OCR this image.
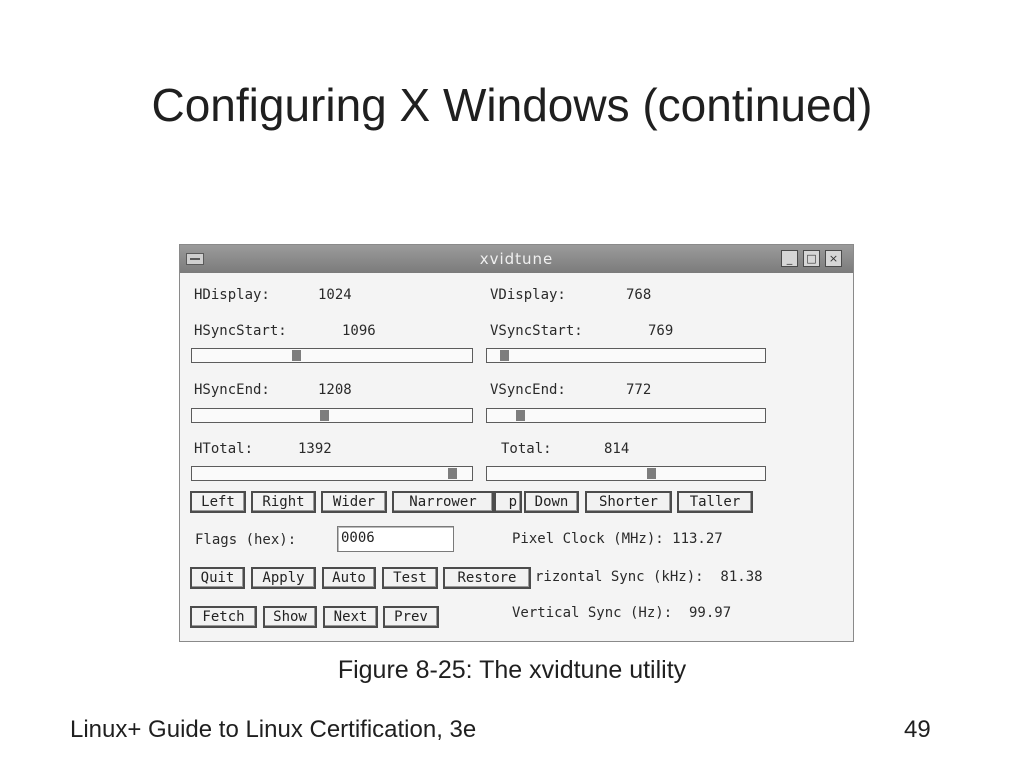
Configuring X Windows (continued)
xvidtune	_	□	×
HDisplay:	1024	VDisplay:	768
HSyncStart:	1096	VSyncStart:	769
HSyncEnd:	1208	VSyncEnd:	772
HTotal:	1392	Total:	814
Left	Right	Wider	Narrower	p	Down	Shorter	Taller
Flags (hex):	0006	Pixel Clock (MHz): 113.27
Quit	Apply	Auto	Test	Restore	rizontal Sync (kHz):  81.38
Fetch	Show	Next	Prev	Vertical Sync (Hz):  99.97
Figure 8-25: The xvidtune utility
Linux+ Guide to Linux Certification, 3e	49
